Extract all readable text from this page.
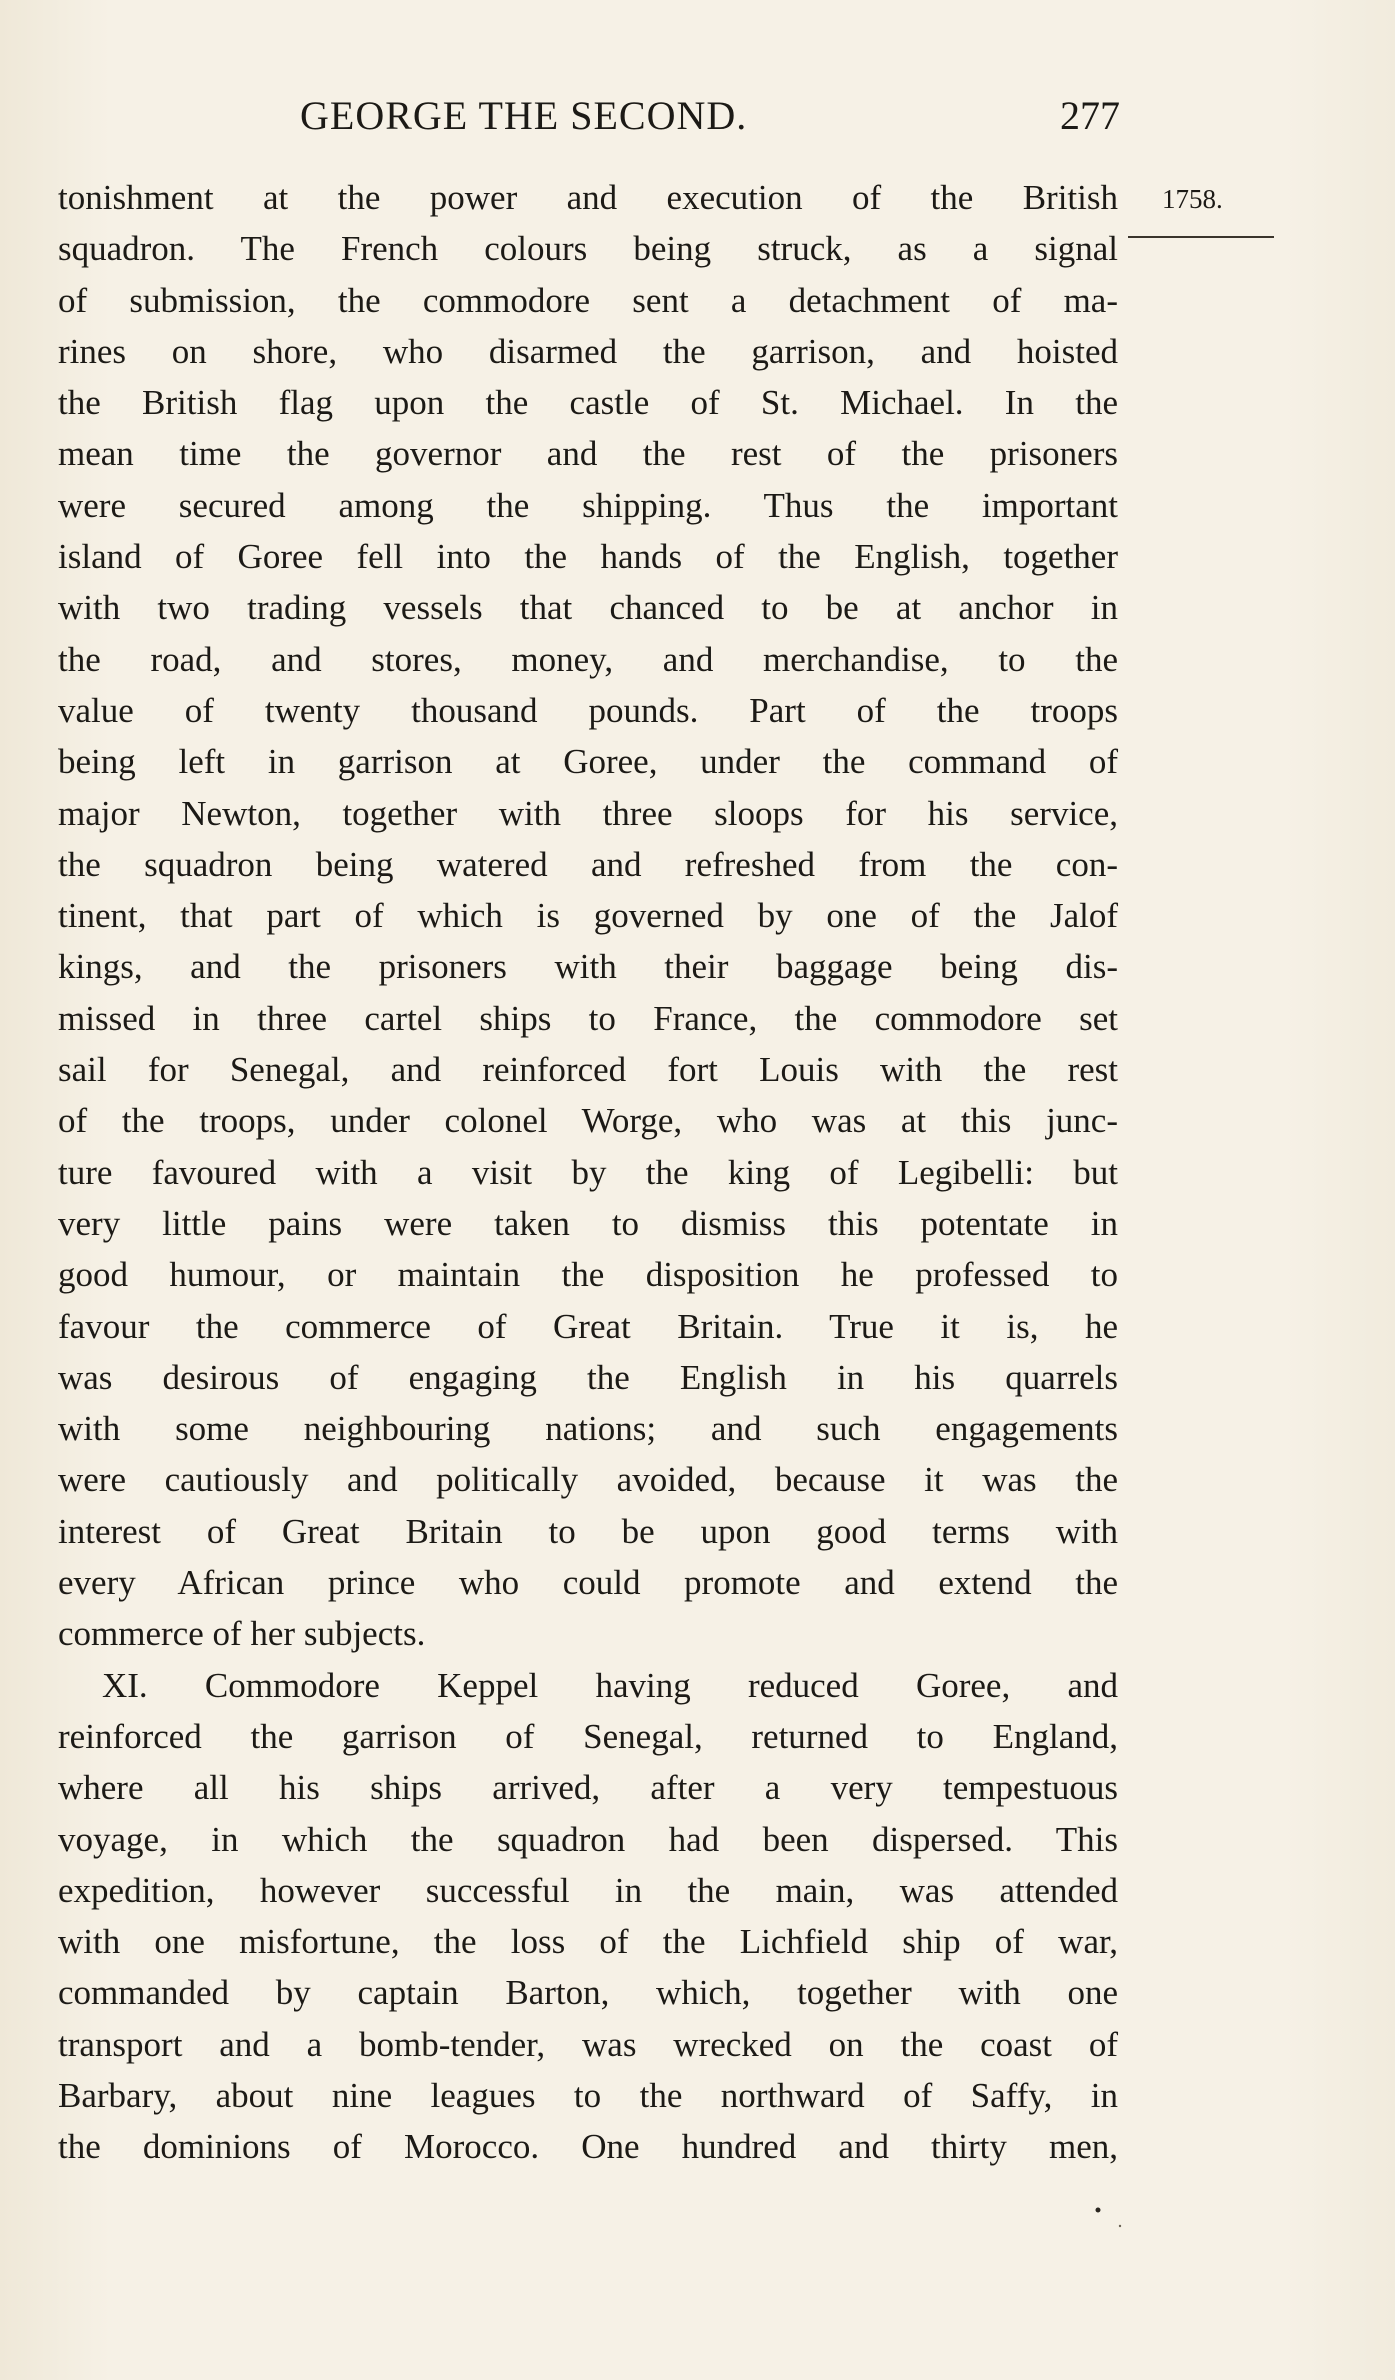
GEORGE THE SECOND.	277
1758.
tonishment at the power and execution of the British
squadron. The French colours being struck, as a signal
of submission, the commodore sent a detachment of ma-
rines on shore, who disarmed the garrison, and hoisted
the British flag upon the castle of St. Michael. In the
mean time the governor and the rest of the prisoners
were secured among the shipping. Thus the important
island of Goree fell into the hands of the English, together
with two trading vessels that chanced to be at anchor in
the road, and stores, money, and merchandise, to the
value of twenty thousand pounds. Part of the troops
being left in garrison at Goree, under the command of
major Newton, together with three sloops for his service,
the squadron being watered and refreshed from the con-
tinent, that part of which is governed by one of the Jalof
kings, and the prisoners with their baggage being dis-
missed in three cartel ships to France, the commodore set
sail for Senegal, and reinforced fort Louis with the rest
of the troops, under colonel Worge, who was at this junc-
ture favoured with a visit by the king of Legibelli: but
very little pains were taken to dismiss this potentate in
good humour, or maintain the disposition he professed to
favour the commerce of Great Britain. True it is, he
was desirous of engaging the English in his quarrels
with some neighbouring nations; and such engagements
were cautiously and politically avoided, because it was the
interest of Great Britain to be upon good terms with
every African prince who could promote and extend the
commerce of her subjects.
XI. Commodore Keppel having reduced Goree, and
reinforced the garrison of Senegal, returned to England,
where all his ships arrived, after a very tempestuous
voyage, in which the squadron had been dispersed. This
expedition, however successful in the main, was attended
with one misfortune, the loss of the Lichfield ship of war,
commanded by captain Barton, which, together with one
transport and a bomb-tender, was wrecked on the coast of
Barbary, about nine leagues to the northward of Saffy, in
the dominions of Morocco. One hundred and thirty men,
